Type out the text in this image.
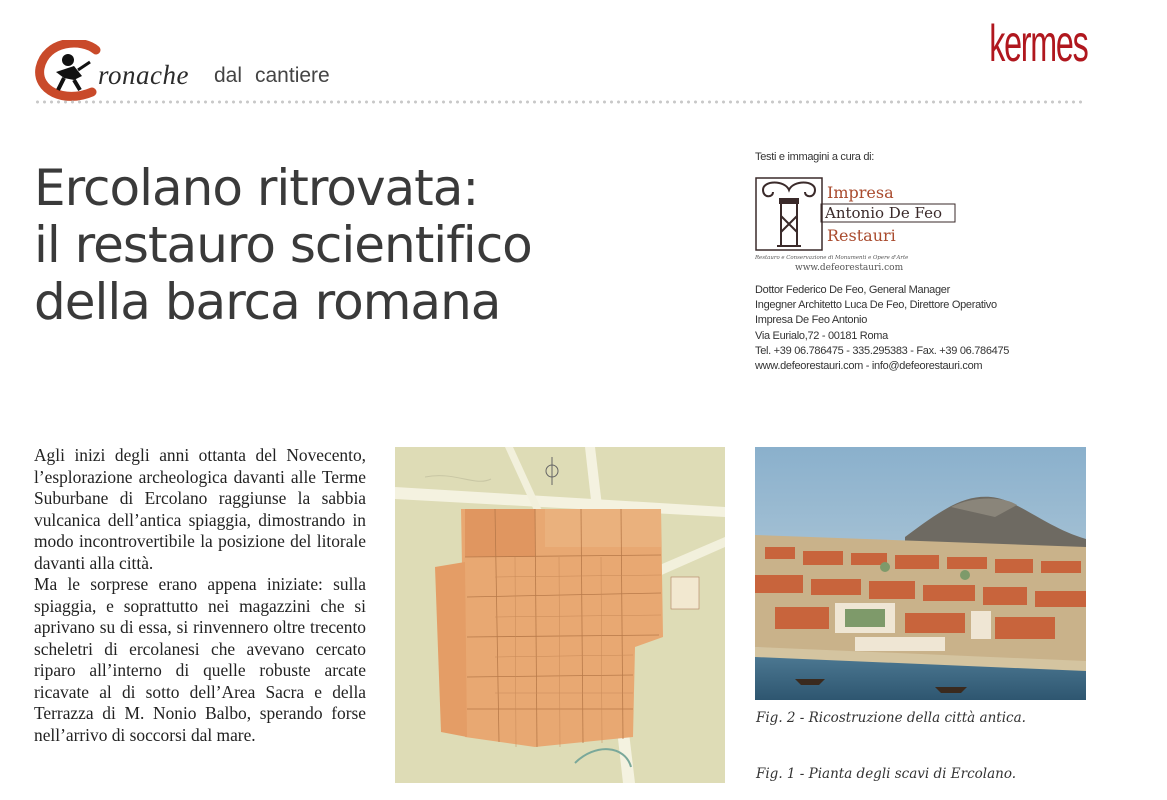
ronache dal cantiere
kermes
Ercolano ritrovata:
il restauro scientifico
della barca romana
Testi e immagini a cura di:
Impresa
Antonio De Feo
Restauri
Restauro e Conservazione di Monumenti e Opere d'Arte
www.defeorestauri.com
Dottor Federico De Feo, General Manager
Ingegner Architetto Luca De Feo, Direttore Operativo
Impresa De Feo Antonio
Via Eurialo,72 - 00181 Roma
Tel. +39 06.786475 - 335.295383 - Fax. +39 06.786475
www.defeorestauri.com - info@defeorestauri.com

Agli inizi degli anni ottanta del Novecento, l’esplorazione archeologica davanti alle Terme Suburbane di Ercolano raggiunse la sabbia vulcanica dell’antica spiaggia, dimostrando in modo incontrovertibile la posizione del litorale davanti alla città.

Ma le sorprese erano appena iniziate: sulla spiaggia, e soprattutto nei magazzini che si aprivano su di essa, si rinvennero oltre trecento scheletri di ercolanesi che avevano cercato riparo all’interno di quelle robuste arcate ricavate al di sotto dell’Area Sacra e della Terrazza di M. Nonio Balbo, sperando forse nell’arrivo di soccorsi dal mare.

Fig. 2 - Ricostruzione della città antica.
Fig. 1 - Pianta degli scavi di Ercolano.
